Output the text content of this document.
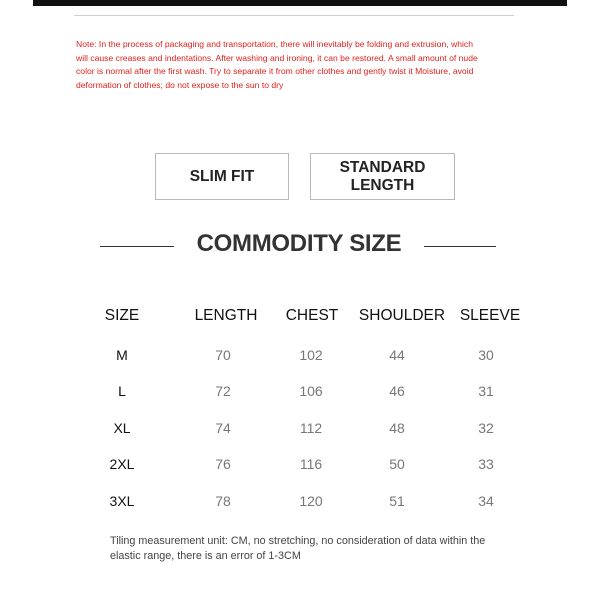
Note: In the process of packaging and transportation, there will inevitably be folding and extrusion, which
will cause creases and indentations. After washing and ironing, it can be restored. A small amount of nude
color is normal after the first wash. Try to separate it from other clothes and gently twist it Moisture, avoid
deformation of clothes; do not expose to the sun to dry
SLIM FIT
STANDARD
LENGTH
COMMODITY SIZE
SIZE	LENGTH CHEST SHOULDER SLEEVE
M	70	102	44	30
L	72	106	46	31
XL	74	112	48	32
2XL	76	116	50	33
3XL	78	120	51	34
Tiling measurement unit: CM, no stretching, no consideration of data within the elastic range, there is an error of 1-3CM
